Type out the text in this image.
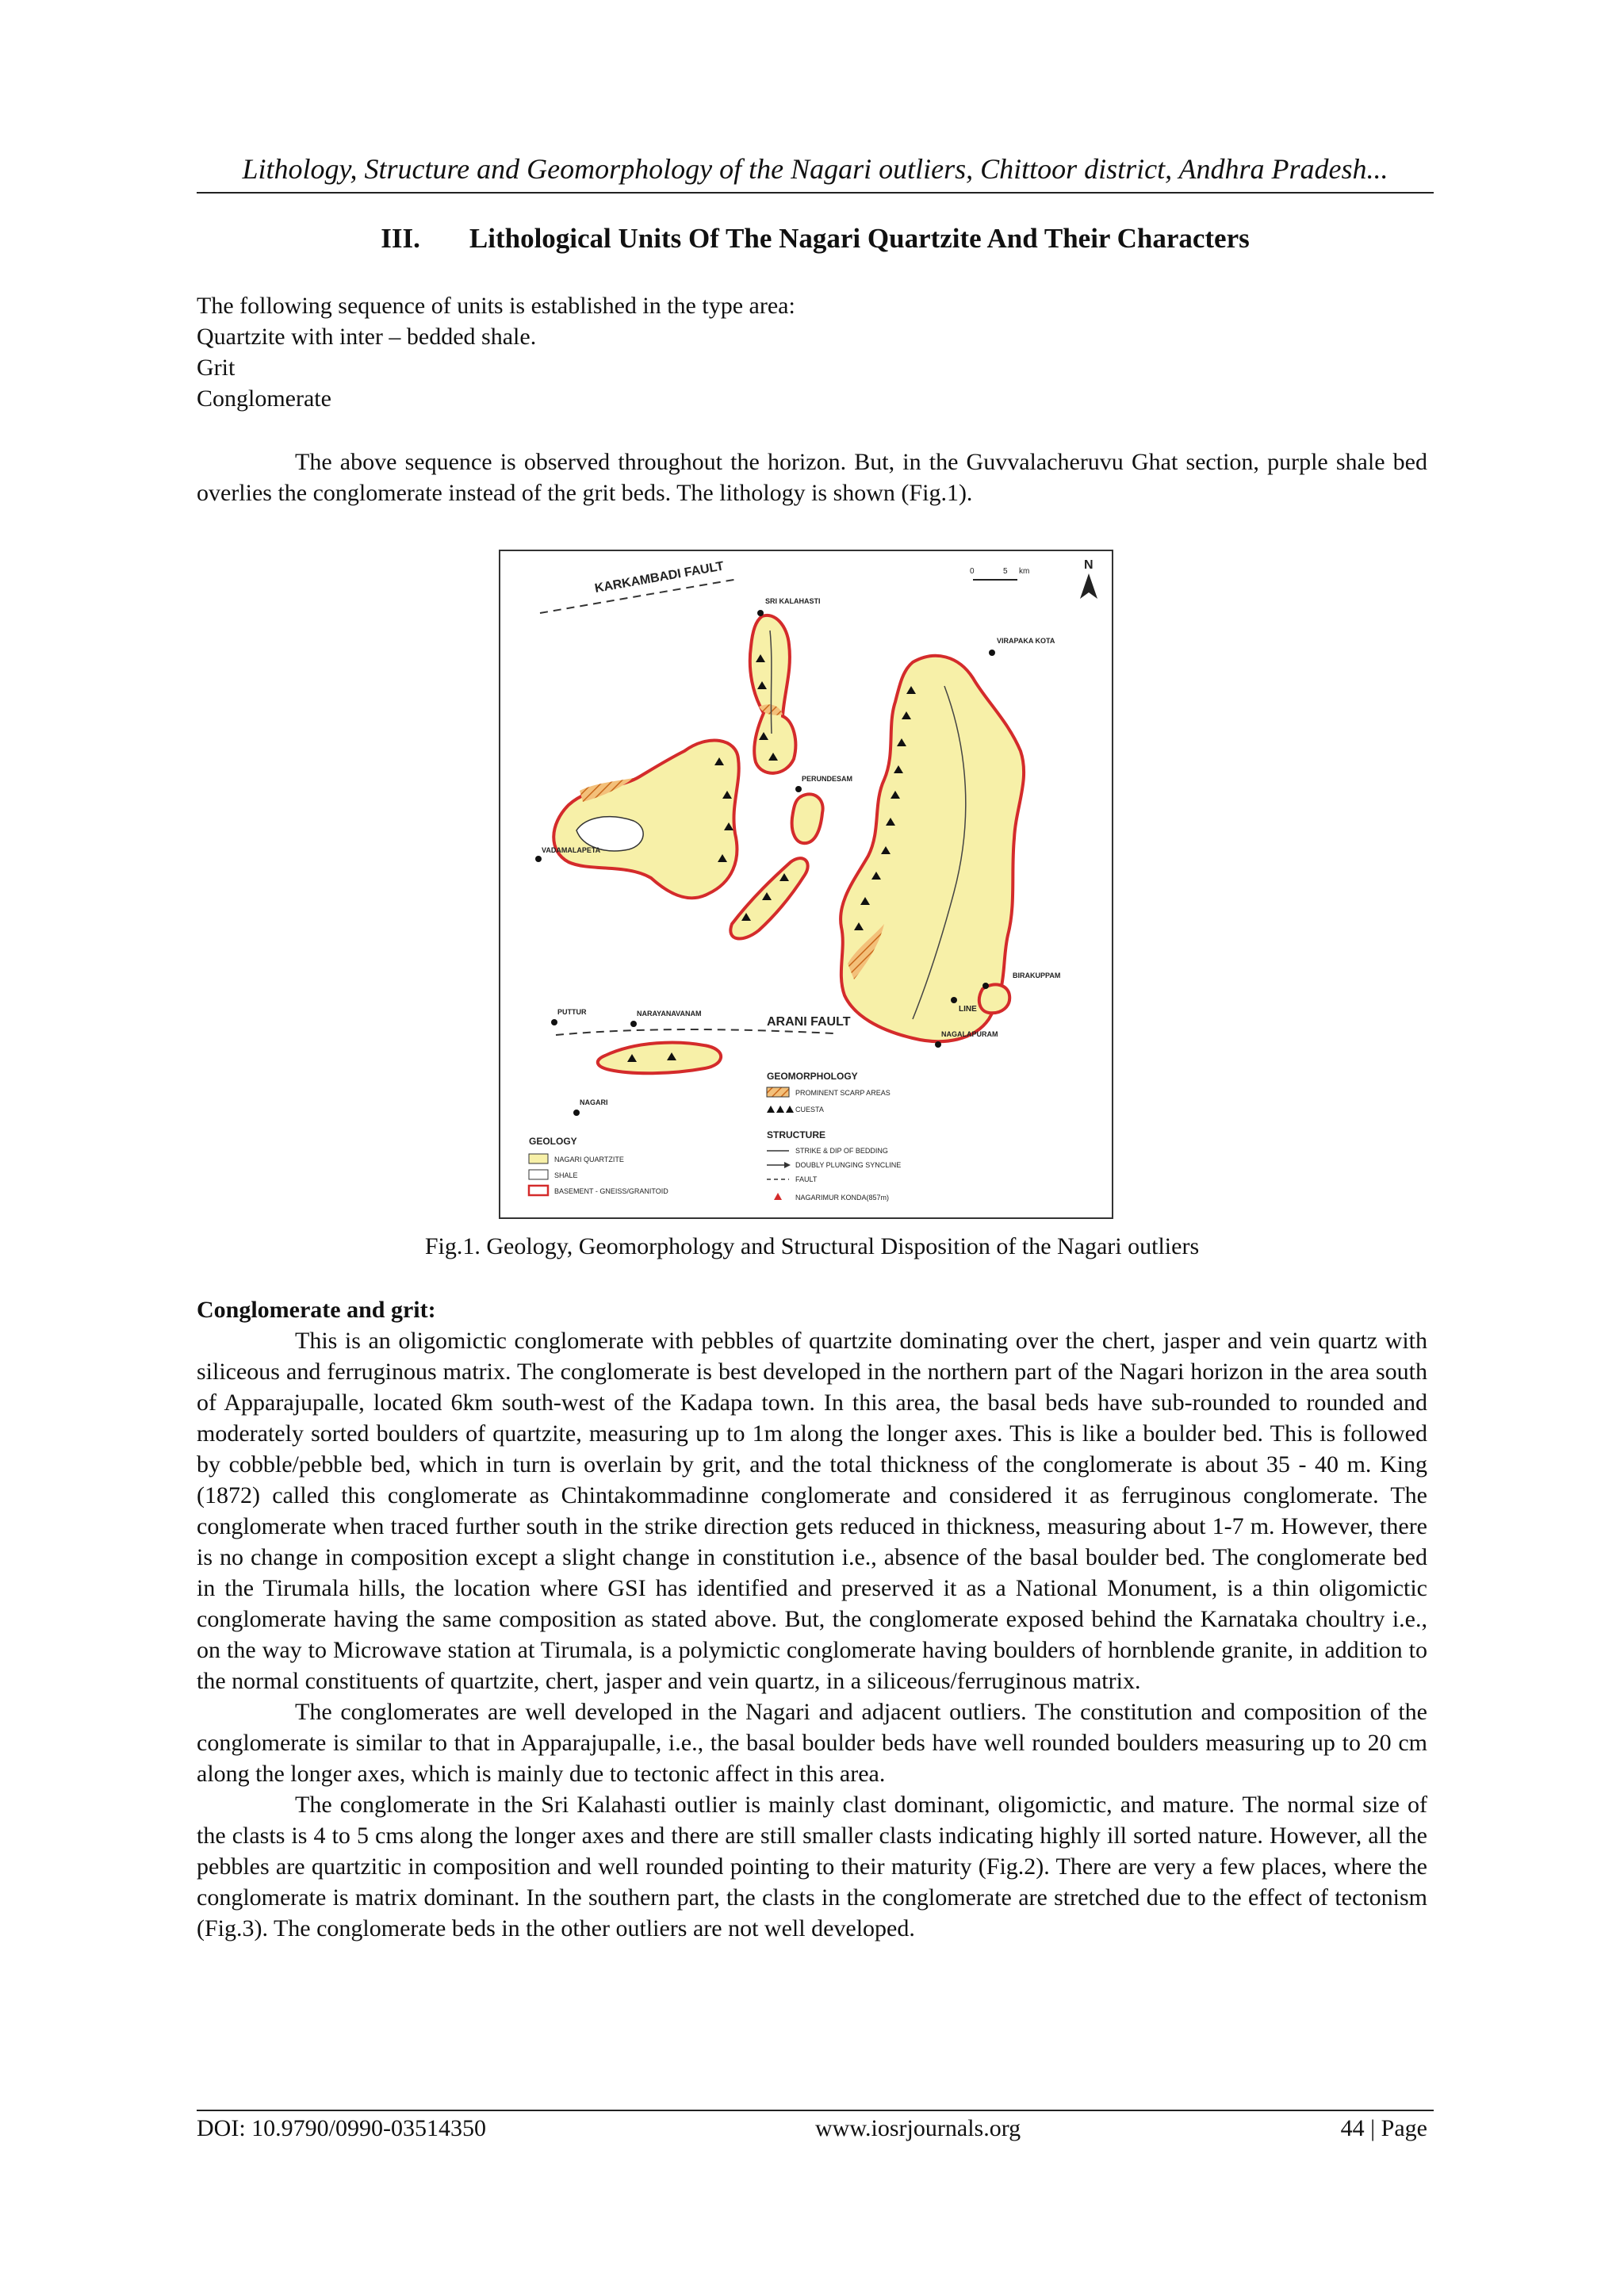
Lithology, Structure and Geomorphology of the Nagari outliers, Chittoor district, Andhra Pradesh...
III. Lithological Units Of The Nagari Quartzite And Their Characters
The following sequence of units is established in the type area:
Quartzite with inter – bedded shale.
Grit
Conglomerate

The above sequence is observed throughout the horizon. But, in the Guvvalacheruvu Ghat section, purple shale bed overlies the conglomerate instead of the grit beds. The lithology is shown (Fig.1).

KARKAMBADI FAULT	N
0	5 km
ARANI FAULT
SRI KALAHASTI
VIRAPAKA KOTA
PERUNDESAM
VADAMALAPETA
PUTTUR	NARAYANAVANAM
BIRAKUPPAM
NAGALAPURAM
NAGARI
LINE
GEOLOGY
NAGARI QUARTZITE
SHALE
BASEMENT - GNEISS/GRANITOID
GEOMORPHOLOGY
PROMINENT SCARP AREAS
CUESTA
STRUCTURE
STRIKE & DIP OF BEDDING
DOUBLY PLUNGING SYNCLINE
FAULT
NAGARIMUR KONDA(857m)
Fig.1. Geology, Geomorphology and Structural Disposition of the Nagari outliers
Conglomerate and grit:

This is an oligomictic conglomerate with pebbles of quartzite dominating over the chert, jasper and vein quartz with siliceous and ferruginous matrix. The conglomerate is best developed in the northern part of the Nagari horizon in the area south of Apparajupalle, located 6km south-west of the Kadapa town. In this area, the basal beds have sub-rounded to rounded and moderately sorted boulders of quartzite, measuring up to 1m along the longer axes. This is like a boulder bed. This is followed by cobble/pebble bed, which in turn is overlain by grit, and the total thickness of the conglomerate is about 35 - 40 m. King (1872) called this conglomerate as Chintakommadinne conglomerate and considered it as ferruginous conglomerate. The conglomerate when traced further south in the strike direction gets reduced in thickness, measuring about 1-7 m. However, there is no change in composition except a slight change in constitution i.e., absence of the basal boulder bed. The conglomerate bed in the Tirumala hills, the location where GSI has identified and preserved it as a National Monument, is a thin oligomictic conglomerate having the same composition as stated above. But, the conglomerate exposed behind the Karnataka choultry i.e., on the way to Microwave station at Tirumala, is a polymictic conglomerate having boulders of hornblende granite, in addition to the normal constituents of quartzite, chert, jasper and vein quartz, in a siliceous/ferruginous matrix.

The conglomerates are well developed in the Nagari and adjacent outliers. The constitution and composition of the conglomerate is similar to that in Apparajupalle, i.e., the basal boulder beds have well rounded boulders measuring up to 20 cm along the longer axes, which is mainly due to tectonic affect in this area.

The conglomerate in the Sri Kalahasti outlier is mainly clast dominant, oligomictic, and mature. The normal size of the clasts is 4 to 5 cms along the longer axes and there are still smaller clasts indicating highly ill sorted nature. However, all the pebbles are quartzitic in composition and well rounded pointing to their maturity (Fig.2). There are very a few places, where the conglomerate is matrix dominant. In the southern part, the clasts in the conglomerate are stretched due to the effect of tectonism (Fig.3). The conglomerate beds in the other outliers are not well developed.

DOI: 10.9790/0990-03514350	www.iosrjournals.org	44 | Page
